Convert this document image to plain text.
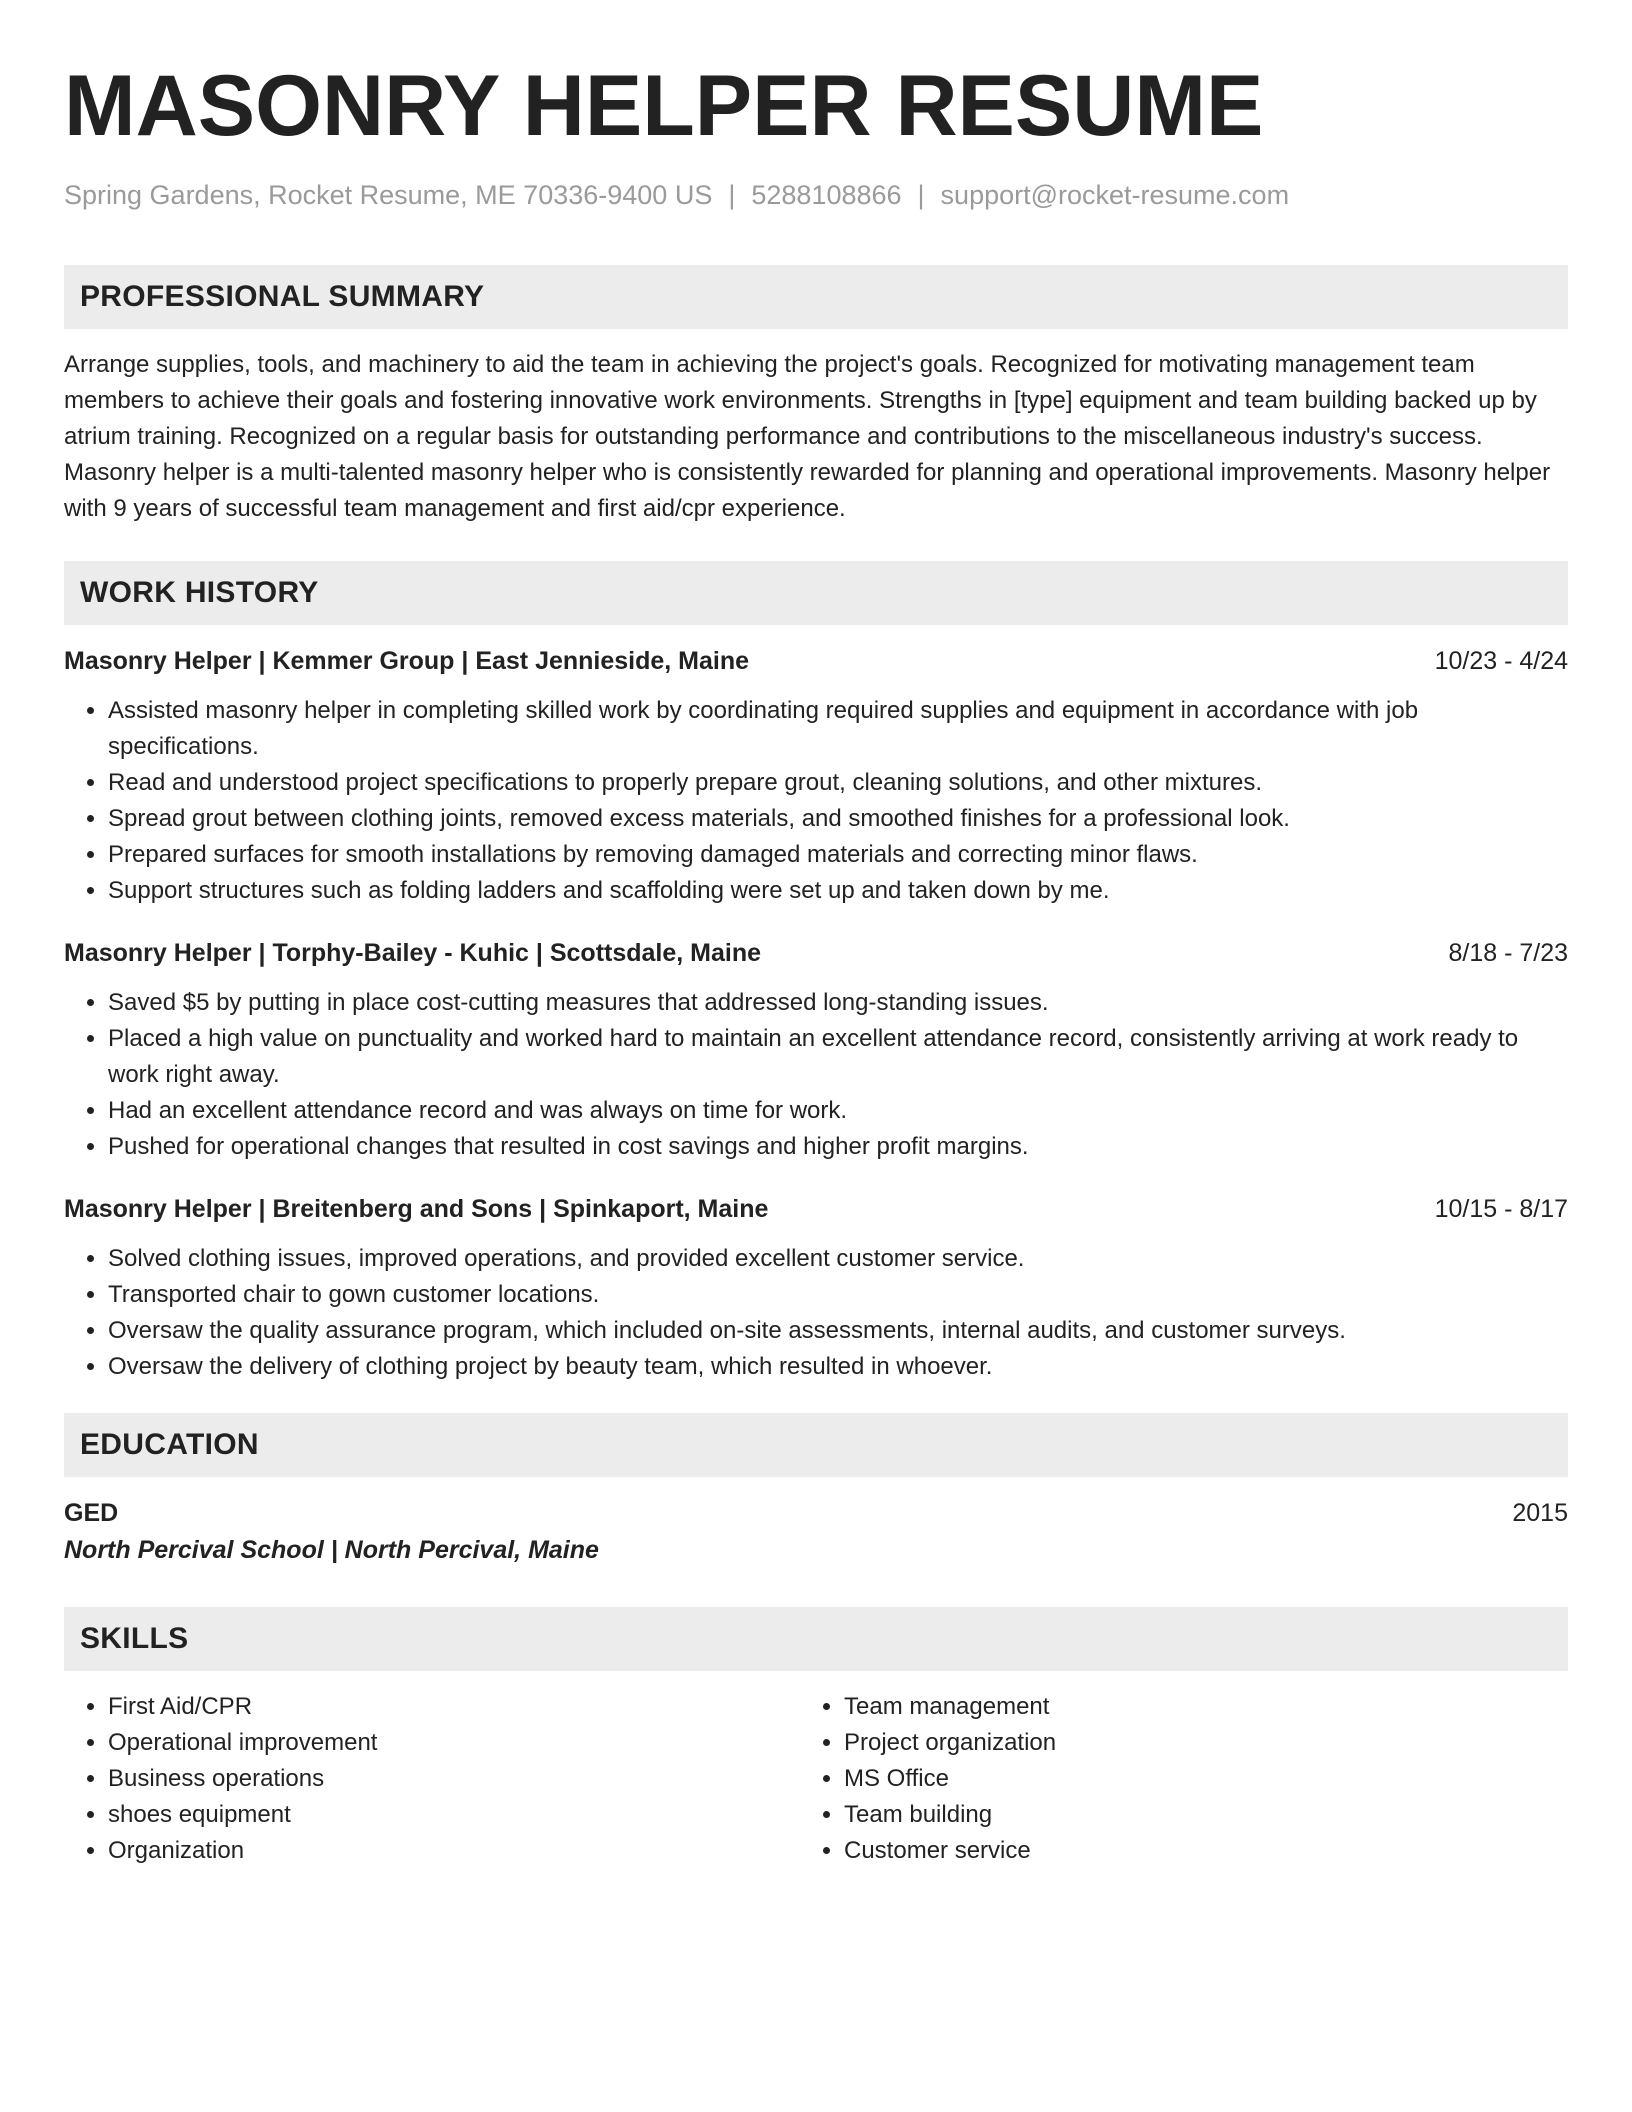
MASONRY HELPER RESUME
Spring Gardens, Rocket Resume, ME 70336-9400 US | 5288108866 | support@rocket-resume.com
PROFESSIONAL SUMMARY

Arrange supplies, tools, and machinery to aid the team in achieving the project's goals. Recognized for motivating management team members to achieve their goals and fostering innovative work environments. Strengths in [type] equipment and team building backed up by atrium training. Recognized on a regular basis for outstanding performance and contributions to the miscellaneous industry's success. Masonry helper is a multi-talented masonry helper who is consistently rewarded for planning and operational improvements. Masonry helper with 9 years of successful team management and first aid/cpr experience.

WORK HISTORY
Masonry Helper | Kemmer Group | East Jennieside, Maine	10/23 - 4/24
• Assisted masonry helper in completing skilled work by coordinating required supplies and equipment in accordance with job specifications.
• Read and understood project specifications to properly prepare grout, cleaning solutions, and other mixtures.
• Spread grout between clothing joints, removed excess materials, and smoothed finishes for a professional look.
• Prepared surfaces for smooth installations by removing damaged materials and correcting minor flaws.
• Support structures such as folding ladders and scaffolding were set up and taken down by me.
Masonry Helper | Torphy-Bailey - Kuhic | Scottsdale, Maine	8/18 - 7/23
• Saved $5 by putting in place cost-cutting measures that addressed long-standing issues.
• Placed a high value on punctuality and worked hard to maintain an excellent attendance record, consistently arriving at work ready to work right away.
• Had an excellent attendance record and was always on time for work.
• Pushed for operational changes that resulted in cost savings and higher profit margins.
Masonry Helper | Breitenberg and Sons | Spinkaport, Maine	10/15 - 8/17
• Solved clothing issues, improved operations, and provided excellent customer service.
• Transported chair to gown customer locations.
• Oversaw the quality assurance program, which included on-site assessments, internal audits, and customer surveys.
• Oversaw the delivery of clothing project by beauty team, which resulted in whoever.
EDUCATION
GED	2015
North Percival School | North Percival, Maine
SKILLS
• First Aid/CPR
• Operational improvement
• Business operations
• shoes equipment
• Organization
• Team management
• Project organization
• MS Office
• Team building
• Customer service
